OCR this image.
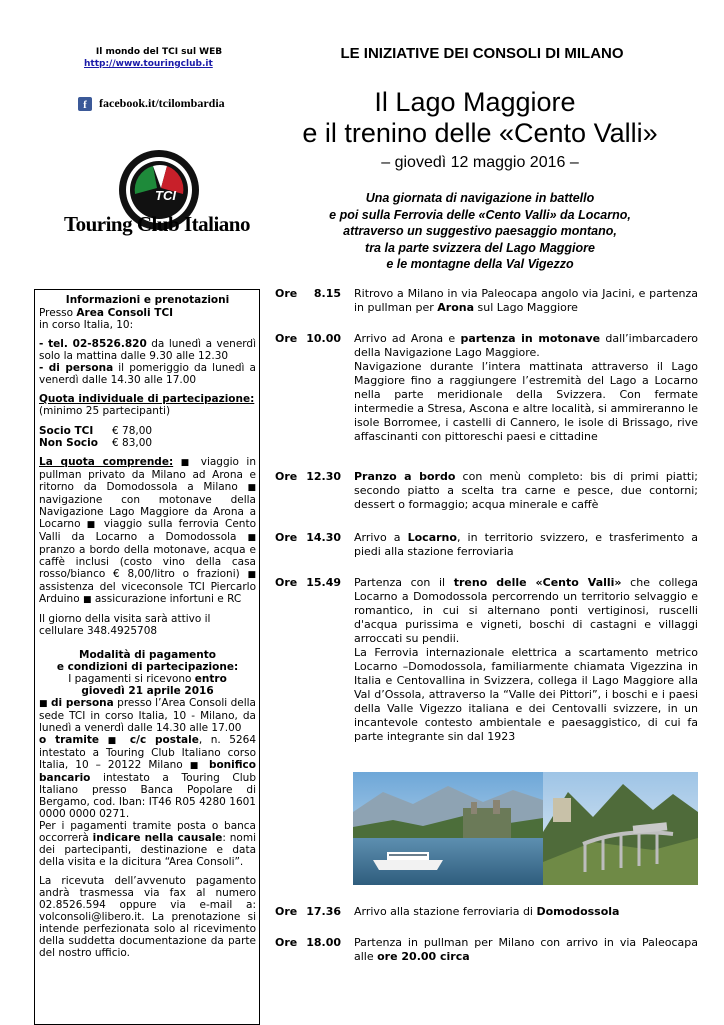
Il mondo del TCI sul WEB
http://www.touringclub.it
f	facebook.it/tcilombardia
TCI
Touring Club Italiano
LE INIZIATIVE DEI CONSOLI DI MILANO
Il Lago Maggiore
e il trenino delle «Cento Valli»
– giovedì 12 maggio 2016 –
Una giornata di navigazione in battello
e poi sulla Ferrovia delle «Cento Valli» da Locarno,
attraverso un suggestivo paesaggio montano,
tra la parte svizzera del Lago Maggiore
e le montagne della Val Vigezzo

Informazioni e prenotazioni

Presso Area Consoli TCI

in corso Italia, 10:

- tel. 02-8526.820 da lunedì a venerdì solo la mattina dalle 9.30 alle 12.30

- di persona il pomeriggio da lunedì a venerdì dalle 14.30 alle 17.00

Quota individuale di partecipazione:

(minimo 25 partecipanti)

Socio TCI	€ 78,00
Non Socio	€ 83,00

La quota comprende: ■ viaggio in pullman privato da Milano ad Arona e ritorno da Domodossola a Milano ■ navigazione con motonave della Navigazione Lago Maggiore da Arona a Locarno ■ viaggio sulla ferrovia Cento Valli da Locarno a Domodossola ■ pranzo a bordo della motonave, acqua e caffè inclusi (costo vino della casa rosso/bianco € 8,00/litro o frazioni) ■ assistenza del viceconsole TCI Piercarlo Arduino ■ assicurazione infortuni e RC

Il giorno della visita sarà attivo il cellulare 348.4925708

Modalità di pagamento

e condizioni di partecipazione:

I pagamenti si ricevono entro

giovedì 21 aprile 2016

■ di persona presso l’Area Consoli della sede TCI in corso Italia, 10 - Milano, da lunedì a venerdì dalle 14.30 alle 17.00

o tramite ■ c/c postale, n. 5264 intestato a Touring Club Italiano corso Italia, 10 – 20122 Milano ■ bonifico bancario intestato a Touring Club Italiano presso Banca Popolare di Bergamo, cod. Iban: IT46 R05 4280 1601 0000 0000 0271.

Per i pagamenti tramite posta o banca occorrerà indicare nella causale: nomi dei partecipanti, destinazione e data della visita e la dicitura “Area Consoli”.

La ricevuta dell’avvenuto pagamento andrà trasmessa via fax al numero 02.8526.594 oppure via e-mail a: volconsoli@libero.it. La prenotazione si intende perfezionata solo al ricevimento della suddetta documentazione da parte del nostro ufficio.

Ore 8.15 Ritrovo a Milano in via Paleocapa angolo via Jacini, e partenza in pullman per Arona sul Lago Maggiore
Ore 10.00 Arrivo ad Arona e partenza in motonave dall’imbarcadero della Navigazione Lago Maggiore.

Navigazione durante l’intera mattinata attraverso il Lago Maggiore fino a raggiungere l’estremità del Lago a Locarno nella parte meridionale della Svizzera. Con fermate intermedie a Stresa, Ascona e altre località, si ammireranno le isole Borromee, i castelli di Cannero, le isole di Brissago, rive affascinanti con pittoreschi paesi e cittadine

Ore 12.30 Pranzo a bordo con menù completo: bis di primi piatti; secondo piatto a scelta tra carne e pesce, due contorni; dessert o formaggio; acqua minerale e caffè
Ore 14.30 Arrivo a Locarno, in territorio svizzero, e trasferimento a piedi alla stazione ferroviaria
Ore 15.49 Partenza con il treno delle «Cento Valli» che collega Locarno a Domodossola percorrendo un territorio selvaggio e romantico, in cui si alternano ponti vertiginosi, ruscelli d'acqua purissima e vigneti, boschi di castagni e villaggi arroccati su pendii.

La Ferrovia internazionale elettrica a scartamento metrico Locarno –Domodossola, familiarmente chiamata Vigezzina in Italia e Centovallina in Svizzera, collega il Lago Maggiore alla Val d’Ossola, attraverso la “Valle dei Pittori”, i boschi e i paesi della Valle Vigezzo italiana e dei Centovalli svizzere, in un incantevole contesto ambientale e paesaggistico, di cui fa parte integrante sin dal 1923

Ore 17.36 Arrivo alla stazione ferroviaria di Domodossola
Ore 18.00 Partenza in pullman per Milano con arrivo in via Paleocapa alle ore 20.00 circa
